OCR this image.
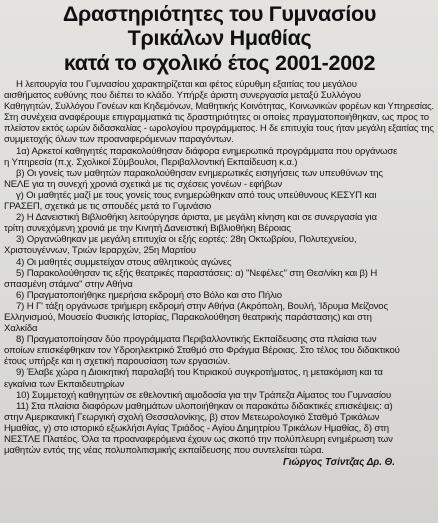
Δραστηριότητες του Γυμνασίου
Τρικάλων Ημαθίας
κατά το σχολικό έτος 2001-2002
Η λειτουργία του Γυμνασίου χαρακτηρίζεται και φέτος εύρυθμη εξαιτίας του μεγάλου
αισθήματος ευθύνης που διέπει το κλάδο. Υπήρξε άριστη συνεργασία μεταξύ Συλλόγου
Καθηγητών, Συλλόγου Γονέων και Κηδεμόνων, Μαθητικής Κοινότητας, Κοινωνικών φορέων και Υπηρεσίας.
Στη συνέχεια αναφέρουμε επιγραμματικά τις δραστηριότητες οι οποίες πραγματοποιήθηκαν, ως προς το
πλείστον εκτός ωρών διδασκαλίας - ωρολογίου προγράμματος. Η δε επιτυχία τους ήταν μεγάλη εξαιτίας της
συμμετοχής όλων των προαναφερόμενων παραγόντων.
1α) Αρκετοί καθηγητές παρακολούθησαν διάφορα ενημερωτικά προγράμματα που οργάνωσε
η Υπηρεσία (π.χ. Σχολικοί Σύμβουλοι, Περιβαλλοντική Εκπαίδευση κ.α.)
β) Οι γονείς των μαθητών παρακολούθησαν ενημερωτικές εισηγήσεις των υπευθύνων της
ΝΕΛΕ για τη συνεχή χρονιά σχετικά με τις σχέσεις γονέων - εφήβων
γ) Οι μαθητές μαζί με τους γονείς τους ενημερώθηκαν από τους υπεύθυνους ΚΕΣΥΠ και
ΓΡΑΣΕΠ, σχετικά με τις σπουδές μετά το Γυμνάσιο
2) Η Δανειστική Βιβλιοθήκη λειτούργησε άριστα, με μεγάλη κίνηση και σε συνεργασία για
τρίτη συνεχόμενη χρονιά με την Κινητή Δανειστική Βιβλιοθήκη Βέροιας
3) Οργανώθηκαν με μεγάλη επιτυχία οι εξής εορτές: 28η Οκτωβρίου, Πολυτεχνείου,
Χριστουγέννων, Τριών Ιεραρχών, 25η Μαρτίου
4) Οι μαθητές συμμετείχαν στους αθλητικούς αγώνες
5) Παρακολούθησαν τις εξής θεατρικές παραστάσεις: α) "Νεφέλες" στη Θεσ/νίκη και β) Η
σπασμένη στάμνα" στην Αθήνα
6) Πραγματοποιήθηκε ημερήσια εκδρομή στο Βόλο και στο Πήλιο
7) Η Γ' τάξη οργάνωσε τριήμερη εκδρομή στην Αθήνα (Ακρόπολη, Βουλή, Ίδρυμα Μείζονος
Ελληνισμού, Μουσείο Φυσικής Ιστορίας, Παρακολούθηση θεατρικής παράστασης) και στη
Χαλκίδα
8) Πραγματοποίησαν δύο προγράμματα Περιβαλλοντικής Εκπαίδευσης στα πλαίσια των
οποίων επισκέφθηκαν τον Υδροηλεκτρικό Σταθμό στο Φράγμα Βέροιας. Στο τέλος του διδακτικού
έτους υπήρξε και η σχετική παρουσίαση των εργασιών.
9) Έλαβε χώρα η Διοικητική παραλαβή του Κτιριακού συγκροτήματος, η μετακόμιση και τα
εγκαίνια των Εκπαιδευτηρίων
10) Συμμετοχή καθηγητών σε εθελοντική αιμοδοσία για την Τράπεζα Αίματος του Γυμνασίου
11) Στα πλαίσια διαφόρων μαθημάτων υλοποιήθηκαν οι παρακάτω διδακτικές επισκέψεις: α)
στην Αμερικανική Γεωργική σχολή Θεσσαλονίκης, β) στον Μετεωρολογικό Σταθμό Τρικάλων
Ημαθίας, γ) στο ιστορικό εξωκλήσι Αγίας Τριάδος - Αγίου Δημητρίου Τρικάλων Ημαθίας, δ) στη
ΝΕΣΤΛΕ Πλατέος. Όλα τα προαναφερόμενα έχουν ως σκοπό την πολύπλευρη ενημέρωση των
μαθητών εντός της νέας πολυπολιτισμικής εκπαίδευσης που συντελείται τώρα.
Γιώργος Τσίντζας Δρ. Θ.
